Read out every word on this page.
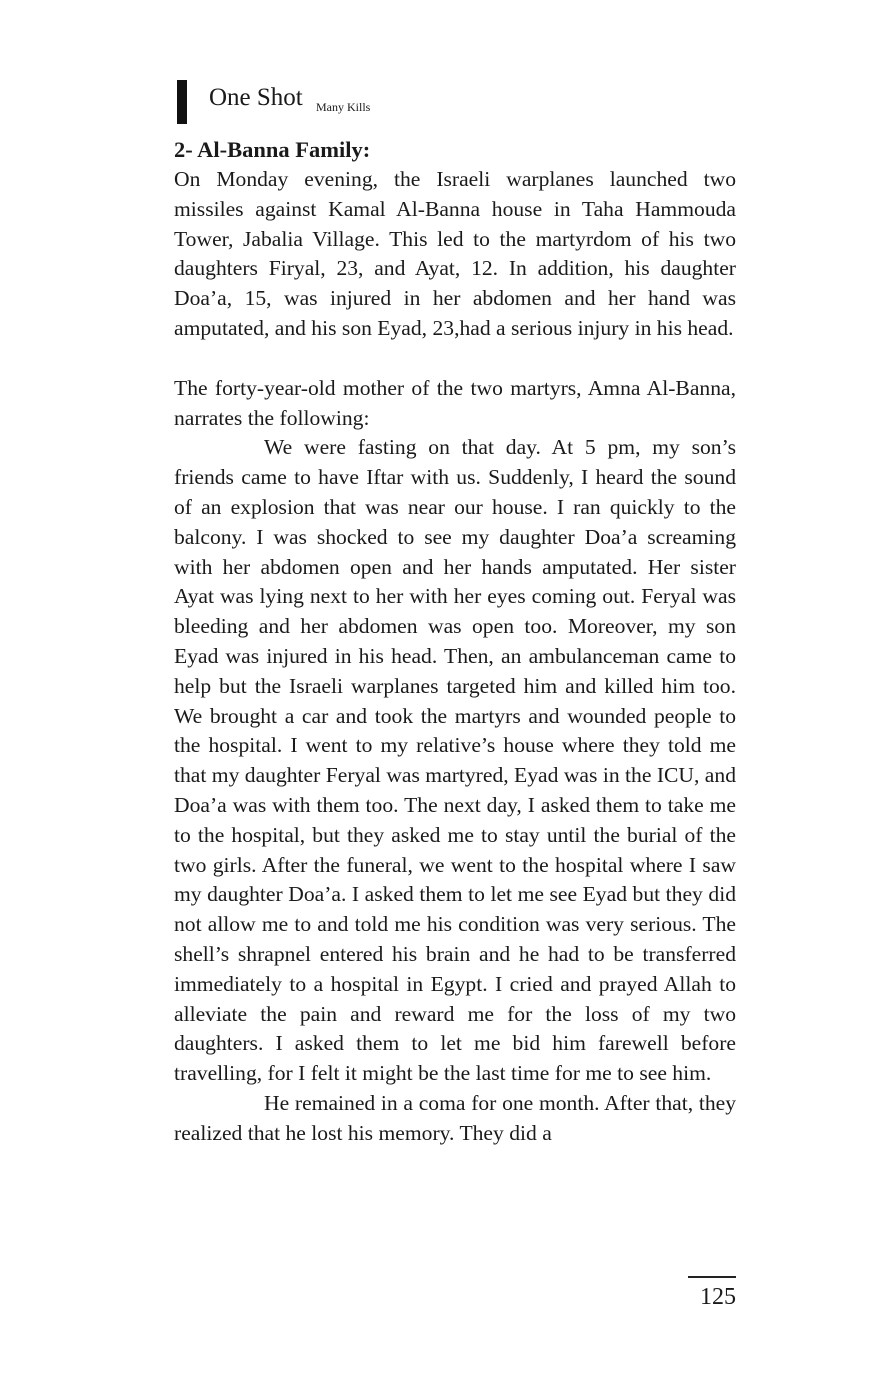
One Shot Many Kills
2- Al-Banna Family:

On Monday evening, the Israeli warplanes launched two missiles against Kamal Al-Banna house in Taha Hammouda Tower, Jabalia Village. This led to the martyrdom of his two daughters Firyal, 23, and Ayat, 12. In addition, his daughter Doa’a, 15, was injured in her abdomen and her hand was amputated, and his son Eyad, 23,had a serious injury in his head.

The forty-year-old mother of the two martyrs, Amna Al-Banna, narrates the following:

We were fasting on that day. At 5 pm, my son’s friends came to have Iftar with us. Suddenly, I heard the sound of an explosion that was near our house. I ran quickly to the balcony. I was shocked to see my daughter Doa’a screaming with her abdomen open and her hands amputated. Her sister Ayat was lying next to her with her eyes coming out. Feryal was bleeding and her abdomen was open too. Moreover, my son Eyad was injured in his head. Then, an ambulanceman came to help but the Israeli warplanes targeted him and killed him too. We brought a car and took the martyrs and wounded people to the hospital. I went to my relative’s house where they told me that my daughter Feryal was martyred, Eyad was in the ICU, and Doa’a was with them too. The next day, I asked them to take me to the hospital, but they asked me to stay until the burial of the two girls. After the funeral, we went to the hospital where I saw my daughter Doa’a. I asked them to let me see Eyad but they did not allow me to and told me his condition was very serious. The shell’s shrapnel entered his brain and he had to be transferred immediately to a hospital in Egypt. I cried and prayed Allah to alleviate the pain and reward me for the loss of my two daughters. I asked them to let me bid him farewell before travelling, for I felt it might be the last time for me to see him.

He remained in a coma for one month. After that, they realized that he lost his memory. They did a

125
